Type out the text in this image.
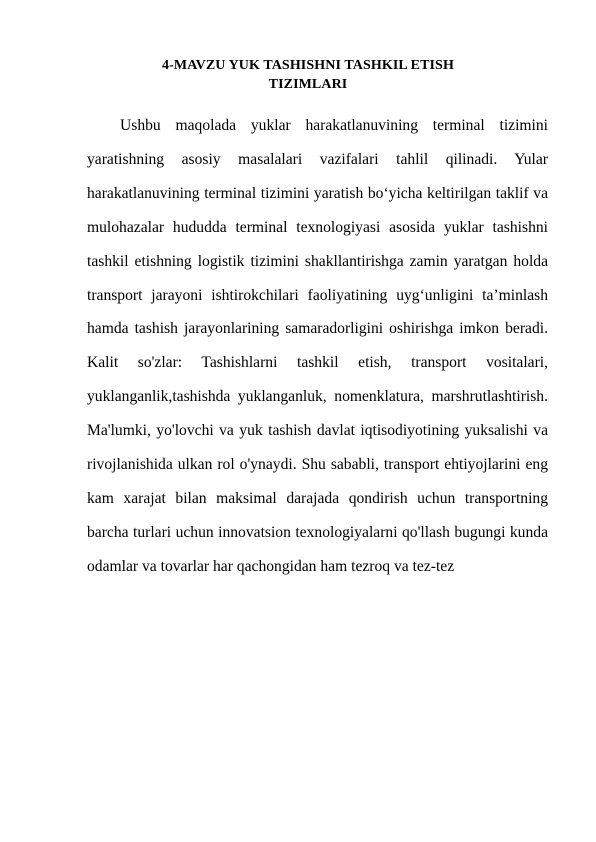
4-MAVZU YUK TASHISHNI TASHKIL ETISH
TIZIMLARI

Ushbu maqolada yuklar harakatlanuvining terminal tizimini yaratishning asosiy masalalari vazifalari tahlil qilinadi. Yular harakatlanuvining terminal tizimini yaratish bo‘yicha keltirilgan taklif va mulohazalar hududda terminal texnologiyasi asosida yuklar tashishni tashkil etishning logistik tizimini shakllantirishga zamin yaratgan holda transport jarayoni ishtirokchilari faoliyatining uyg‘unligini ta’minlash hamda tashish jarayonlarining samaradorligini oshirishga imkon beradi. Kalit so'zlar: Tashishlarni tashkil etish, transport vositalari, yuklanganlik,tashishda yuklanganluk, nomenklatura, marshrutlashtirish. Ma'lumki, yo'lovchi va yuk tashish davlat iqtisodiyotining yuksalishi va rivojlanishida ulkan rol o'ynaydi. Shu sababli, transport ehtiyojlarini eng kam xarajat bilan maksimal darajada qondirish uchun transportning barcha turlari uchun innovatsion texnologiyalarni qo'llash bugungi kunda odamlar va tovarlar har qachongidan ham tezroq va tez-tez
